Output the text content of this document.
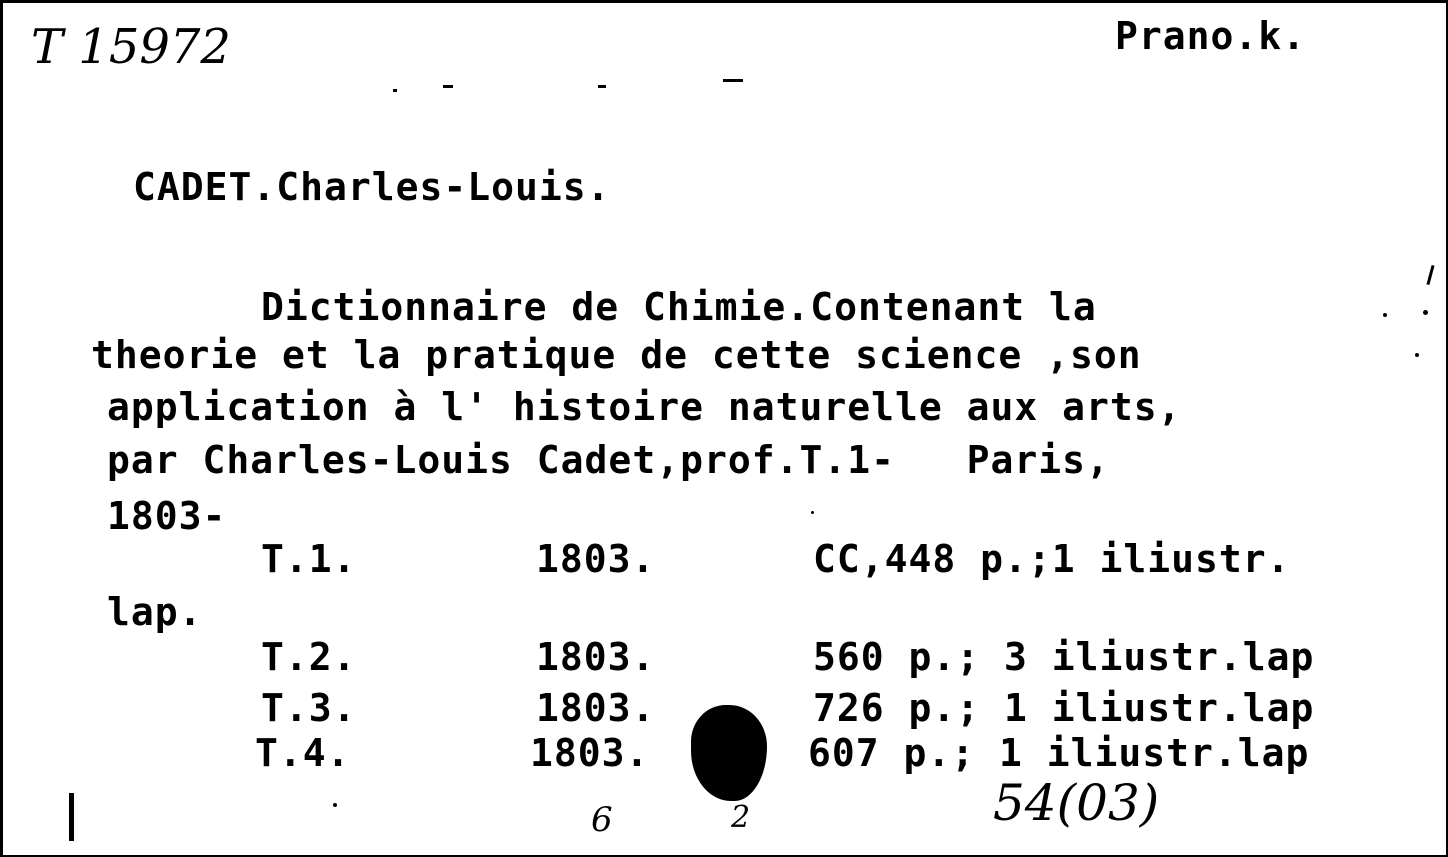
T 15972	Prano.k.
CADET.Charles-Louis.
Dictionnaire de Chimie.Contenant la
theorie et la pratique de cette science ,son
application à l' histoire naturelle aux arts,
par Charles-Louis Cadet,prof.T.1-   Paris,
1803-
T.1.	1803.	CC,448 p.;1 iliustr.
lap.
T.2.	1803.	560 p.; 3 iliustr.lap
T.3.	1803.	726 p.; 1 iliustr.lap
T.4.	1803.	607 p.; 1 iliustr.lap
54(03)
6	2
